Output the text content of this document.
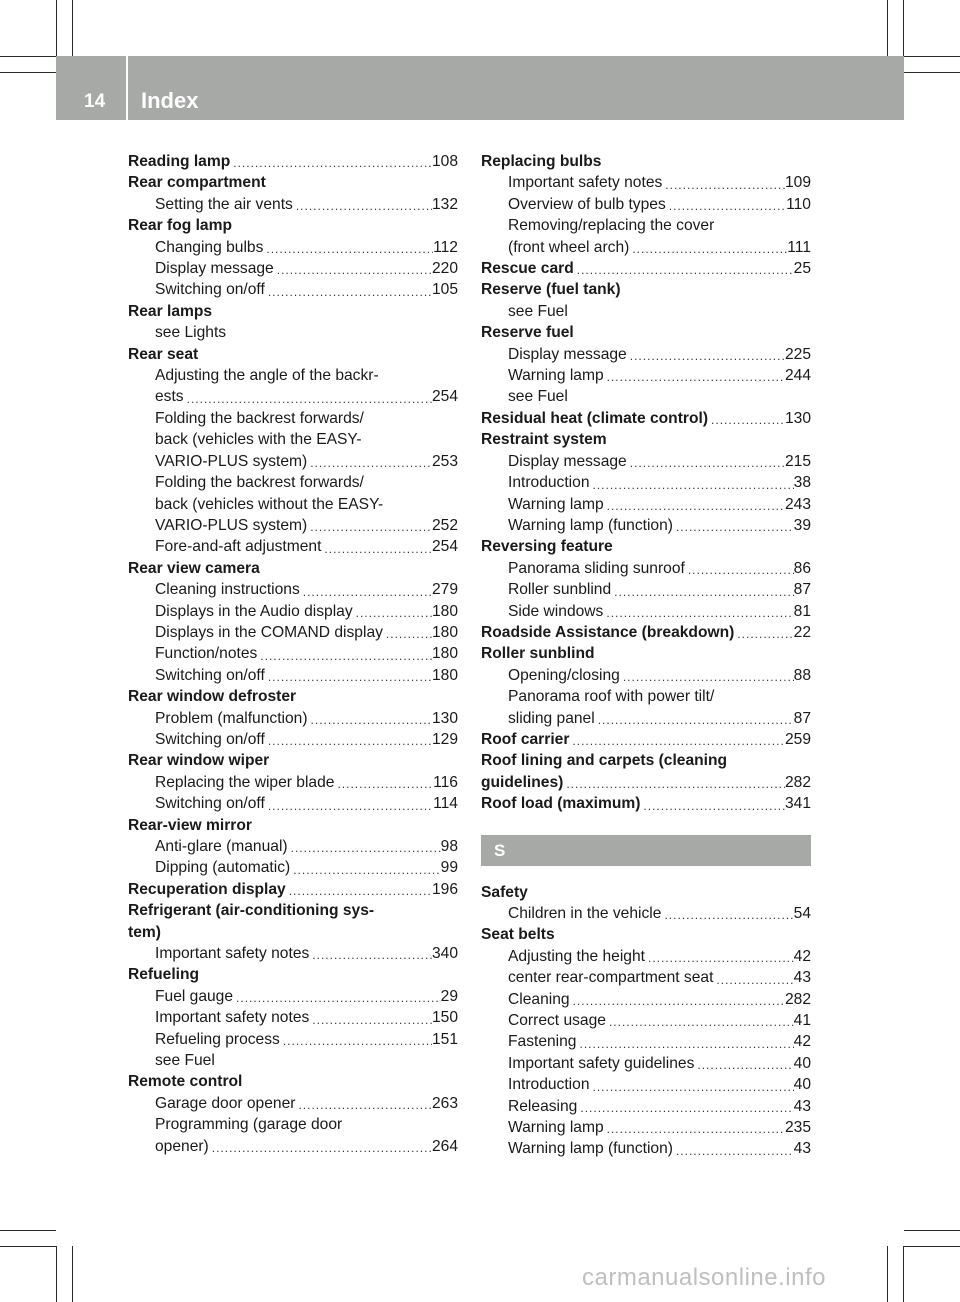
14 Index
Reading lamp .....	108
Rear compartment
Setting the air vents .....	132
Rear fog lamp
Changing bulbs .....	112
Display message .....	220
Switching on/off .....	105
Rear lamps
see Lights
Rear seat
Adjusting the angle of the backr-
ests .....	254
Folding the backrest forwards/
back (vehicles with the EASY-
VARIO-PLUS system) .....	253
Folding the backrest forwards/
back (vehicles without the EASY-
VARIO-PLUS system) .....	252
Fore-and-aft adjustment .....	254
Rear view camera
Cleaning instructions .....	279
Displays in the Audio display .....	180
Displays in the COMAND display .....	180
Function/notes .....	180
Switching on/off .....	180
Rear window defroster
Problem (malfunction) .....	130
Switching on/off .....	129
Rear window wiper
Replacing the wiper blade .....	116
Switching on/off .....	114
Rear-view mirror
Anti-glare (manual) .....	98
Dipping (automatic) .....	99
Recuperation display .....	196
Refrigerant (air-conditioning sys-
tem)
Important safety notes .....	340
Refueling
Fuel gauge .....	29
Important safety notes .....	150
Refueling process .....	151
see Fuel
Remote control
Garage door opener .....	263
Programming (garage door
opener) .....	264
Replacing bulbs
Important safety notes .....	109
Overview of bulb types .....	110
Removing/replacing the cover
(front wheel arch) .....	111
Rescue card .....	25
Reserve (fuel tank)
see Fuel
Reserve fuel
Display message .....	225
Warning lamp .....	244
see Fuel
Residual heat (climate control) .....	130
Restraint system
Display message .....	215
Introduction .....	38
Warning lamp .....	243
Warning lamp (function) .....	39
Reversing feature
Panorama sliding sunroof .....	86
Roller sunblind .....	87
Side windows .....	81
Roadside Assistance (breakdown) .....	22
Roller sunblind
Opening/closing .....	88
Panorama roof with power tilt/
sliding panel .....	87
Roof carrier .....	259
Roof lining and carpets (cleaning
guidelines) .....	282
Roof load (maximum) .....	341
S
Safety
Children in the vehicle .....	54
Seat belts
Adjusting the height .....	42
center rear-compartment seat .....	43
Cleaning .....	282
Correct usage .....	41
Fastening .....	42
Important safety guidelines .....	40
Introduction .....	40
Releasing .....	43
Warning lamp .....	235
Warning lamp (function) .....	43
carmanualsonline.info
